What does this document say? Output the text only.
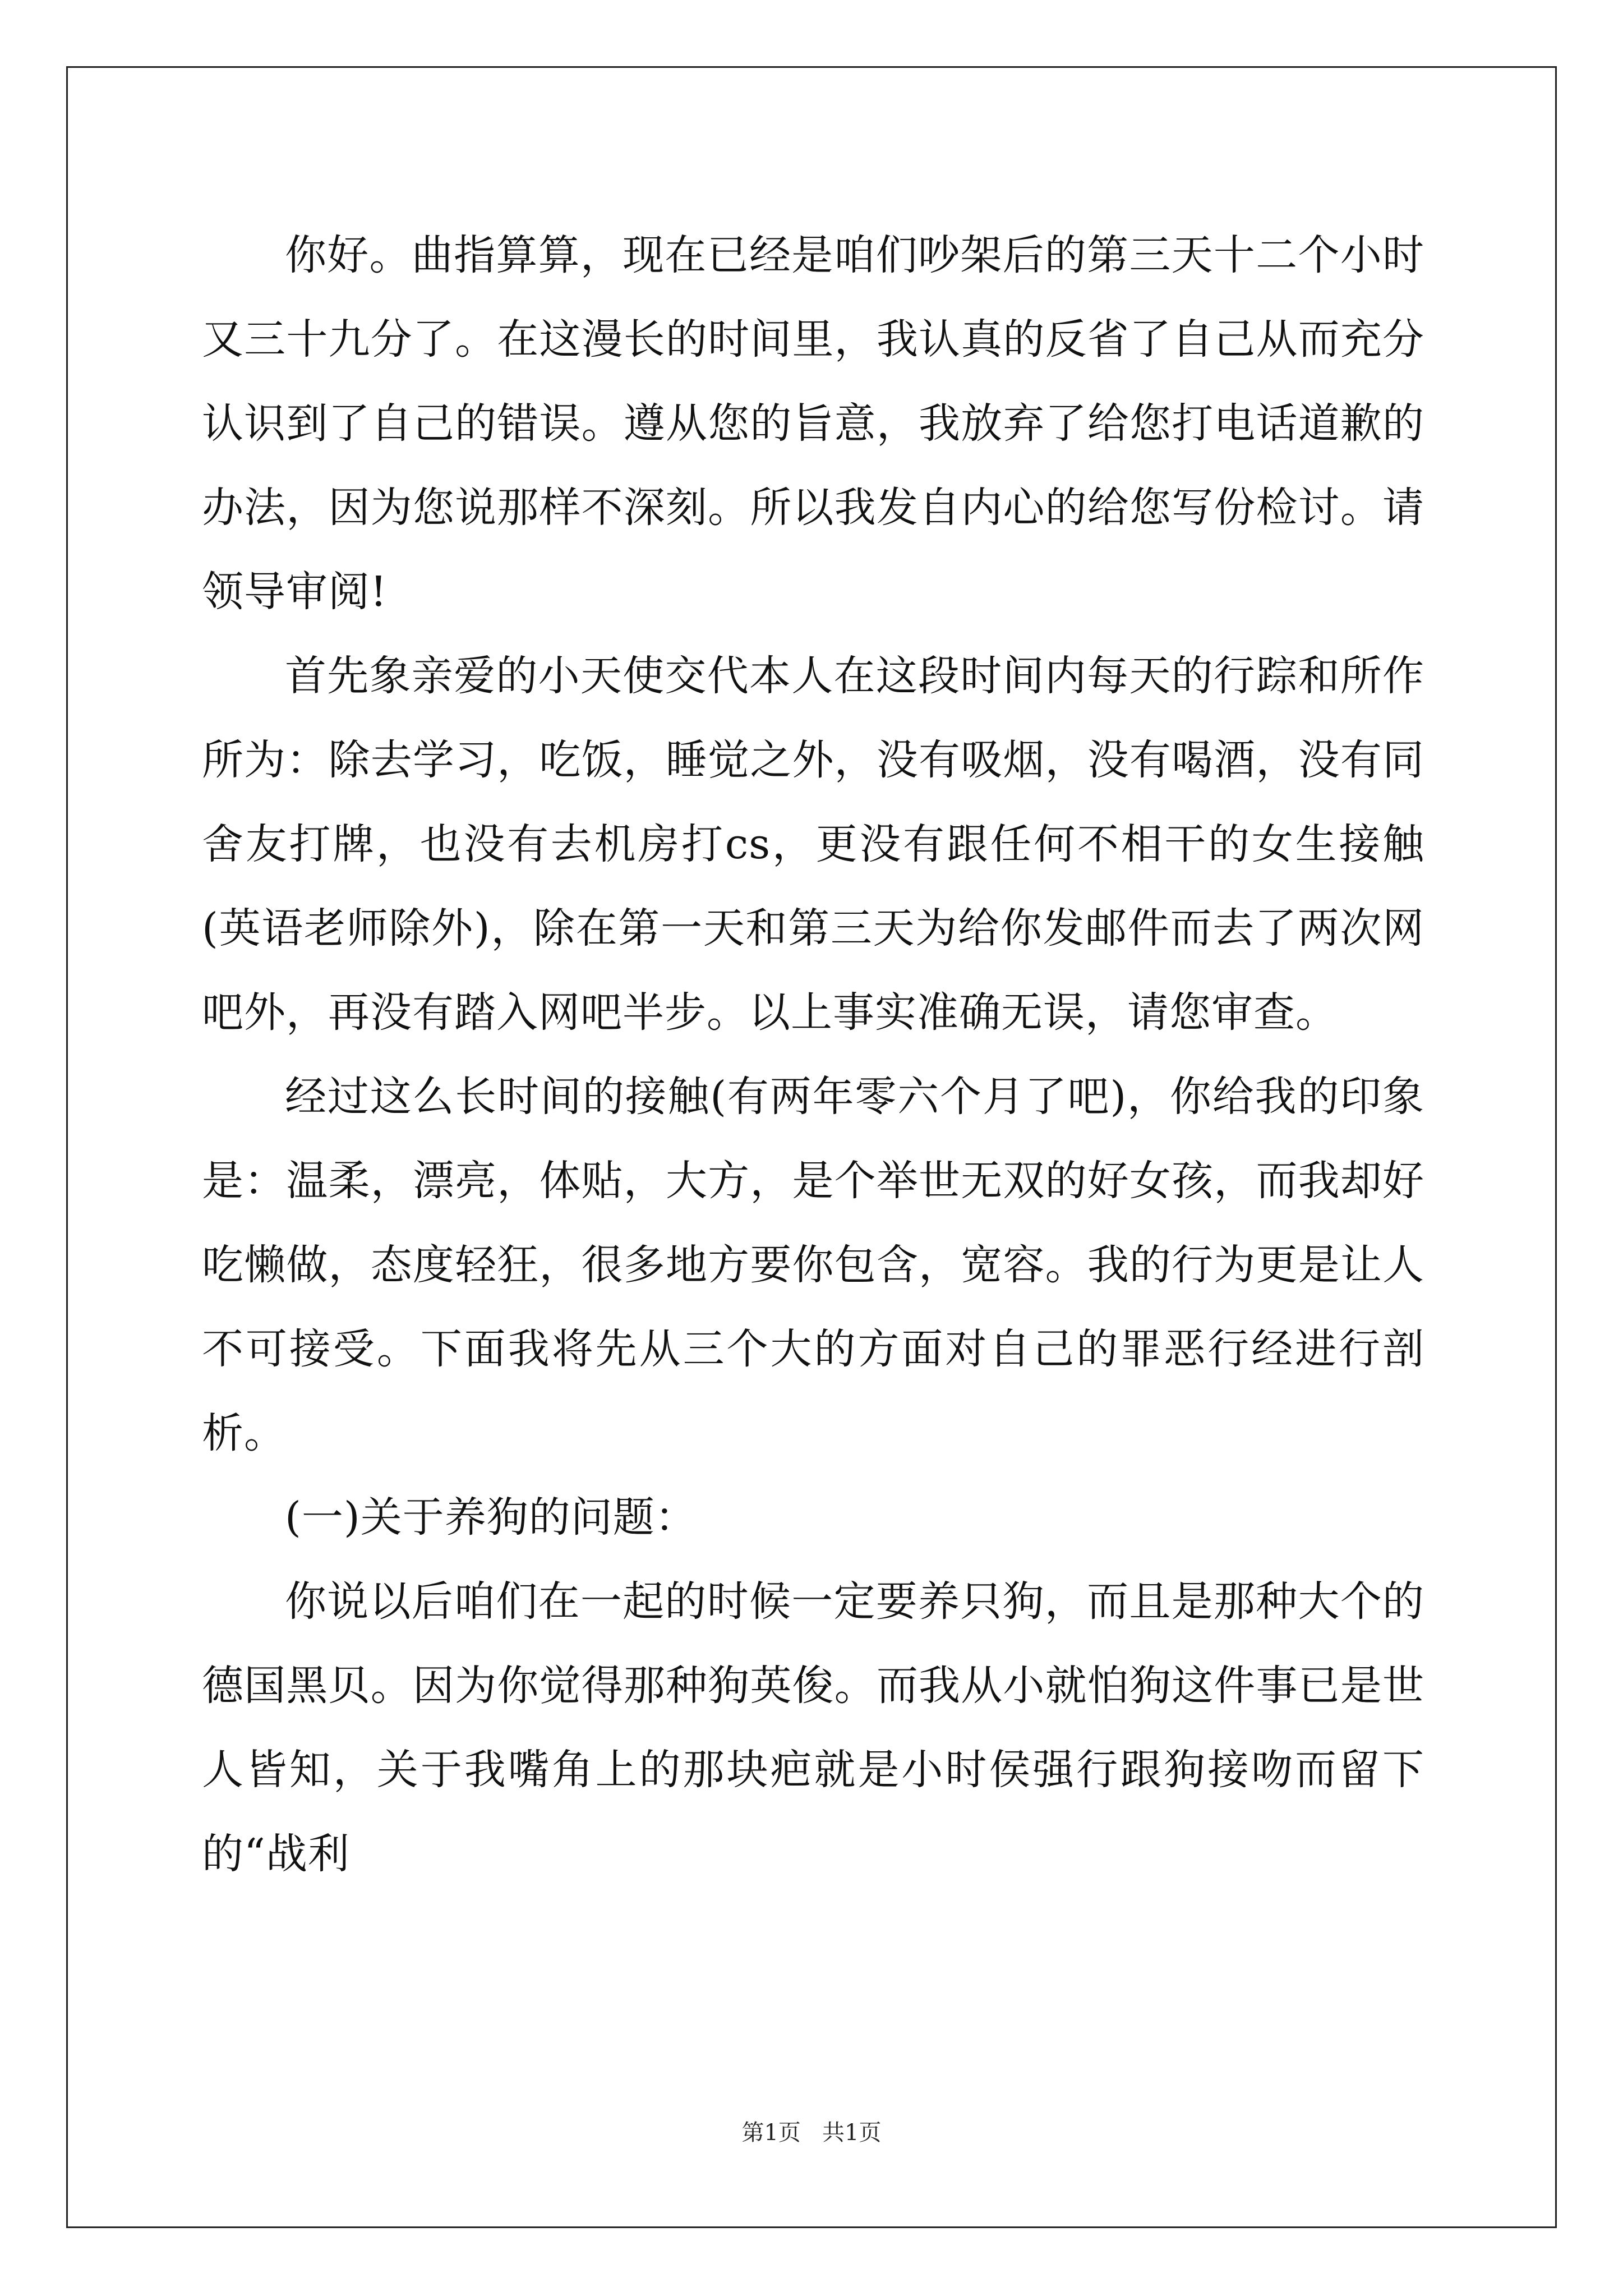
你好。曲指算算，现在已经是咱们吵架后的第三天十二个小时又三十九分了。在这漫长的时间里，我认真的反省了自己从而充分认识到了自己的错误。遵从您的旨意，我放弃了给您打电话道歉的办法，因为您说那样不深刻。所以我发自内心的给您写份检讨。请领导审阅!

首先象亲爱的小天使交代本人在这段时间内每天的行踪和所作所为：除去学习，吃饭，睡觉之外，没有吸烟，没有喝酒，没有同舍友打牌，也没有去机房打cs，更没有跟任何不相干的女生接触(英语老师除外)，除在第一天和第三天为给你发邮件而去了两次网吧外，再没有踏入网吧半步。以上事实准确无误，请您审查。

经过这么长时间的接触(有两年零六个月了吧)，你给我的印象是：温柔，漂亮，体贴，大方，是个举世无双的好女孩，而我却好吃懒做，态度轻狂，很多地方要你包含，宽容。我的行为更是让人不可接受。下面我将先从三个大的方面对自己的罪恶行经进行剖析。

(一)关于养狗的问题：

你说以后咱们在一起的时候一定要养只狗，而且是那种大个的德国黑贝。因为你觉得那种狗英俊。而我从小就怕狗这件事已是世人皆知，关于我嘴角上的那块疤就是小时侯强行跟狗接吻而留下的“战利

第1页   共1页
